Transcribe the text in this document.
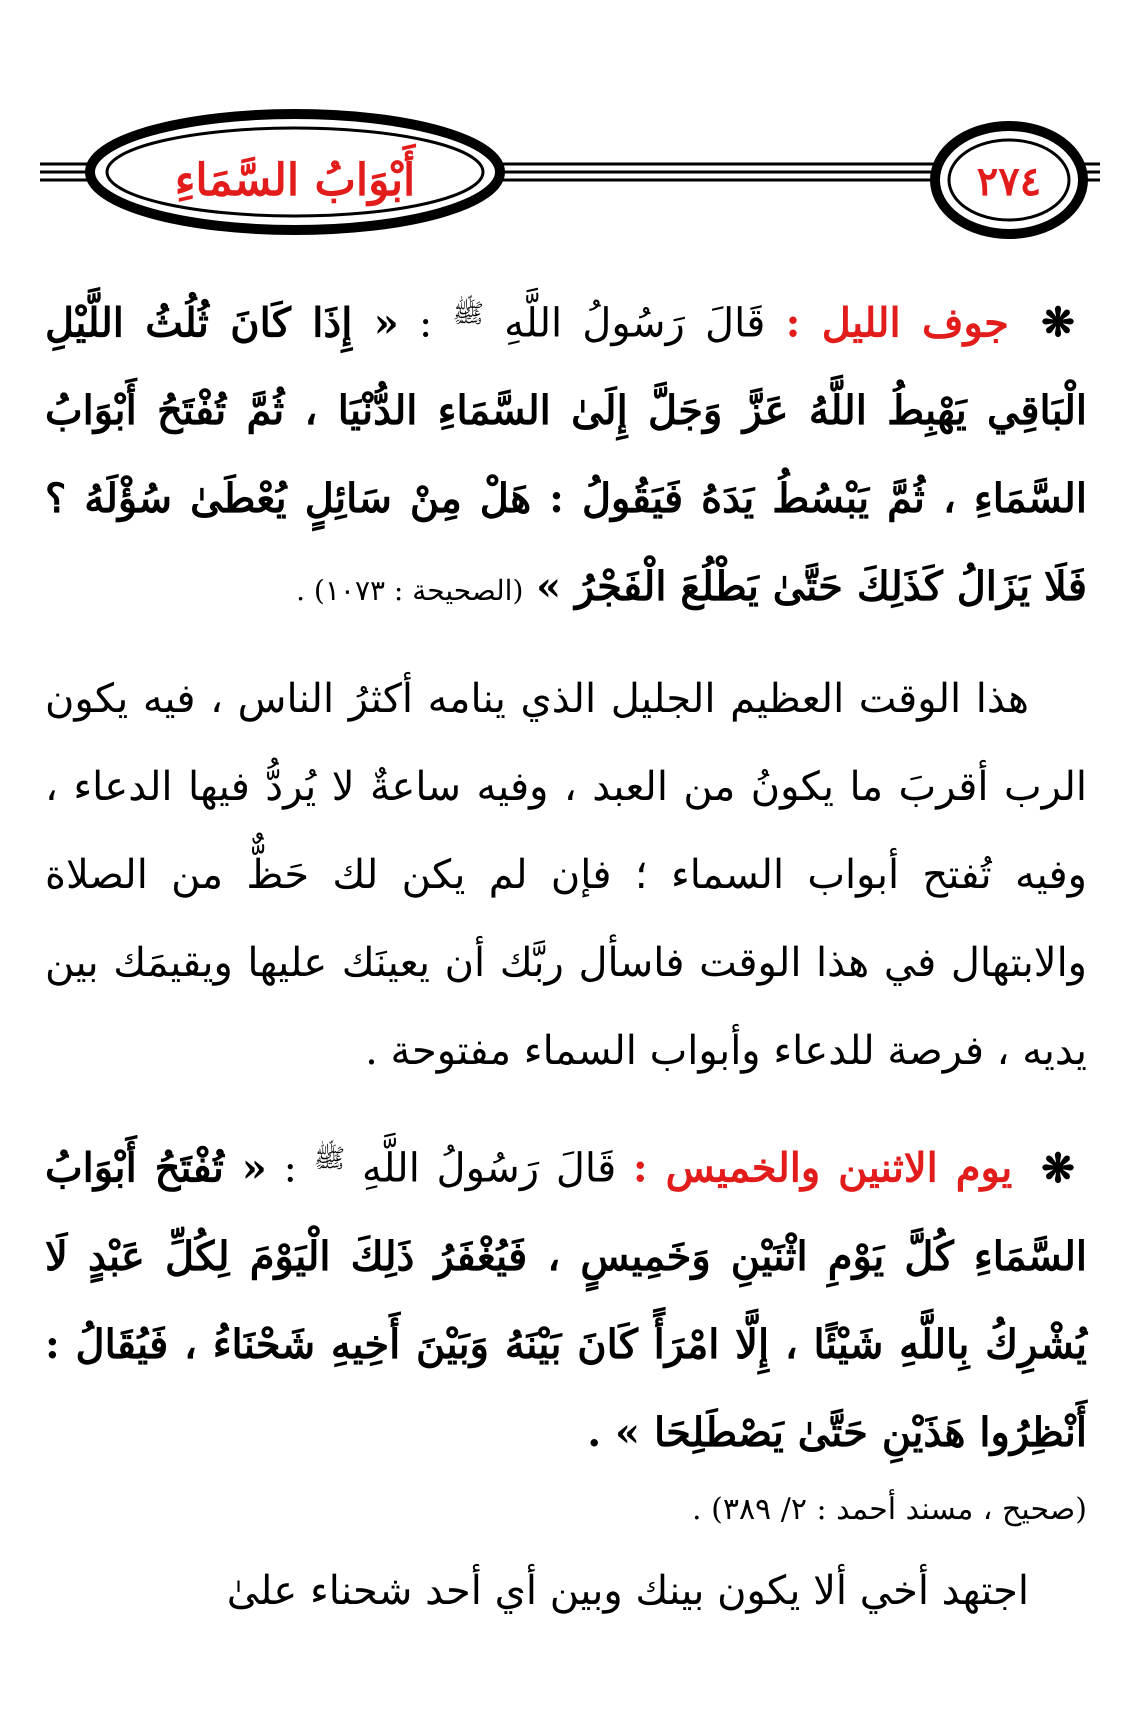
أَبْوَابُ السَّمَاءِ	٢٧٤

❋ جوف الليل : قَالَ رَسُولُ اللَّهِ $^ﷺ$ : « إِذَا كَانَ ثُلُثُ اللَّيْلِ الْبَاقِي يَهْبِطُ اللَّهُ عَزَّ وَجَلَّ إِلَىٰ السَّمَاءِ الدُّنْيَا ، ثُمَّ تُفْتَحُ أَبْوَابُ السَّمَاءِ ، ثُمَّ يَبْسُطُ يَدَهُ فَيَقُولُ : هَلْ مِنْ سَائِلٍ يُعْطَىٰ سُؤْلَهُ ؟ فَلَا يَزَالُ كَذَلِكَ حَتَّىٰ يَطْلُعَ الْفَجْرُ » (الصحيحة : ١٠٧٣) .

هذا الوقت العظيم الجليل الذي ينامه أكثرُ الناس ، فيه يكون الرب أقربَ ما يكونُ من العبد ، وفيه ساعةٌ لا يُردُّ فيها الدعاء ، وفيه تُفتح أبواب السماء ؛ فإن لم يكن لك حَظٌّ من الصلاة والابتهال في هذا الوقت فاسأل ربَّك أن يعينَك عليها ويقيمَك بين يديه ، فرصة للدعاء وأبواب السماء مفتوحة .

❋ يوم الاثنين والخميس : قَالَ رَسُولُ اللَّهِ $^ﷺ$ : « تُفْتَحُ أَبْوَابُ السَّمَاءِ كُلَّ يَوْمِ اثْنَيْنِ وَخَمِيسٍ ، فَيُغْفَرُ ذَلِكَ الْيَوْمَ لِكُلِّ عَبْدٍ لَا يُشْرِكُ بِاللَّهِ شَيْئًا ، إِلَّا امْرَأً كَانَ بَيْنَهُ وَبَيْنَ أَخِيهِ شَحْنَاءُ ، فَيُقَالُ : أَنْظِرُوا هَذَيْنِ حَتَّىٰ يَصْطَلِحَا » .

(صحيح ، مسند أحمد : ٢/ ٣٨٩) .

اجتهد أخي ألا يكون بينك وبين أي أحد شحناء علىٰ
